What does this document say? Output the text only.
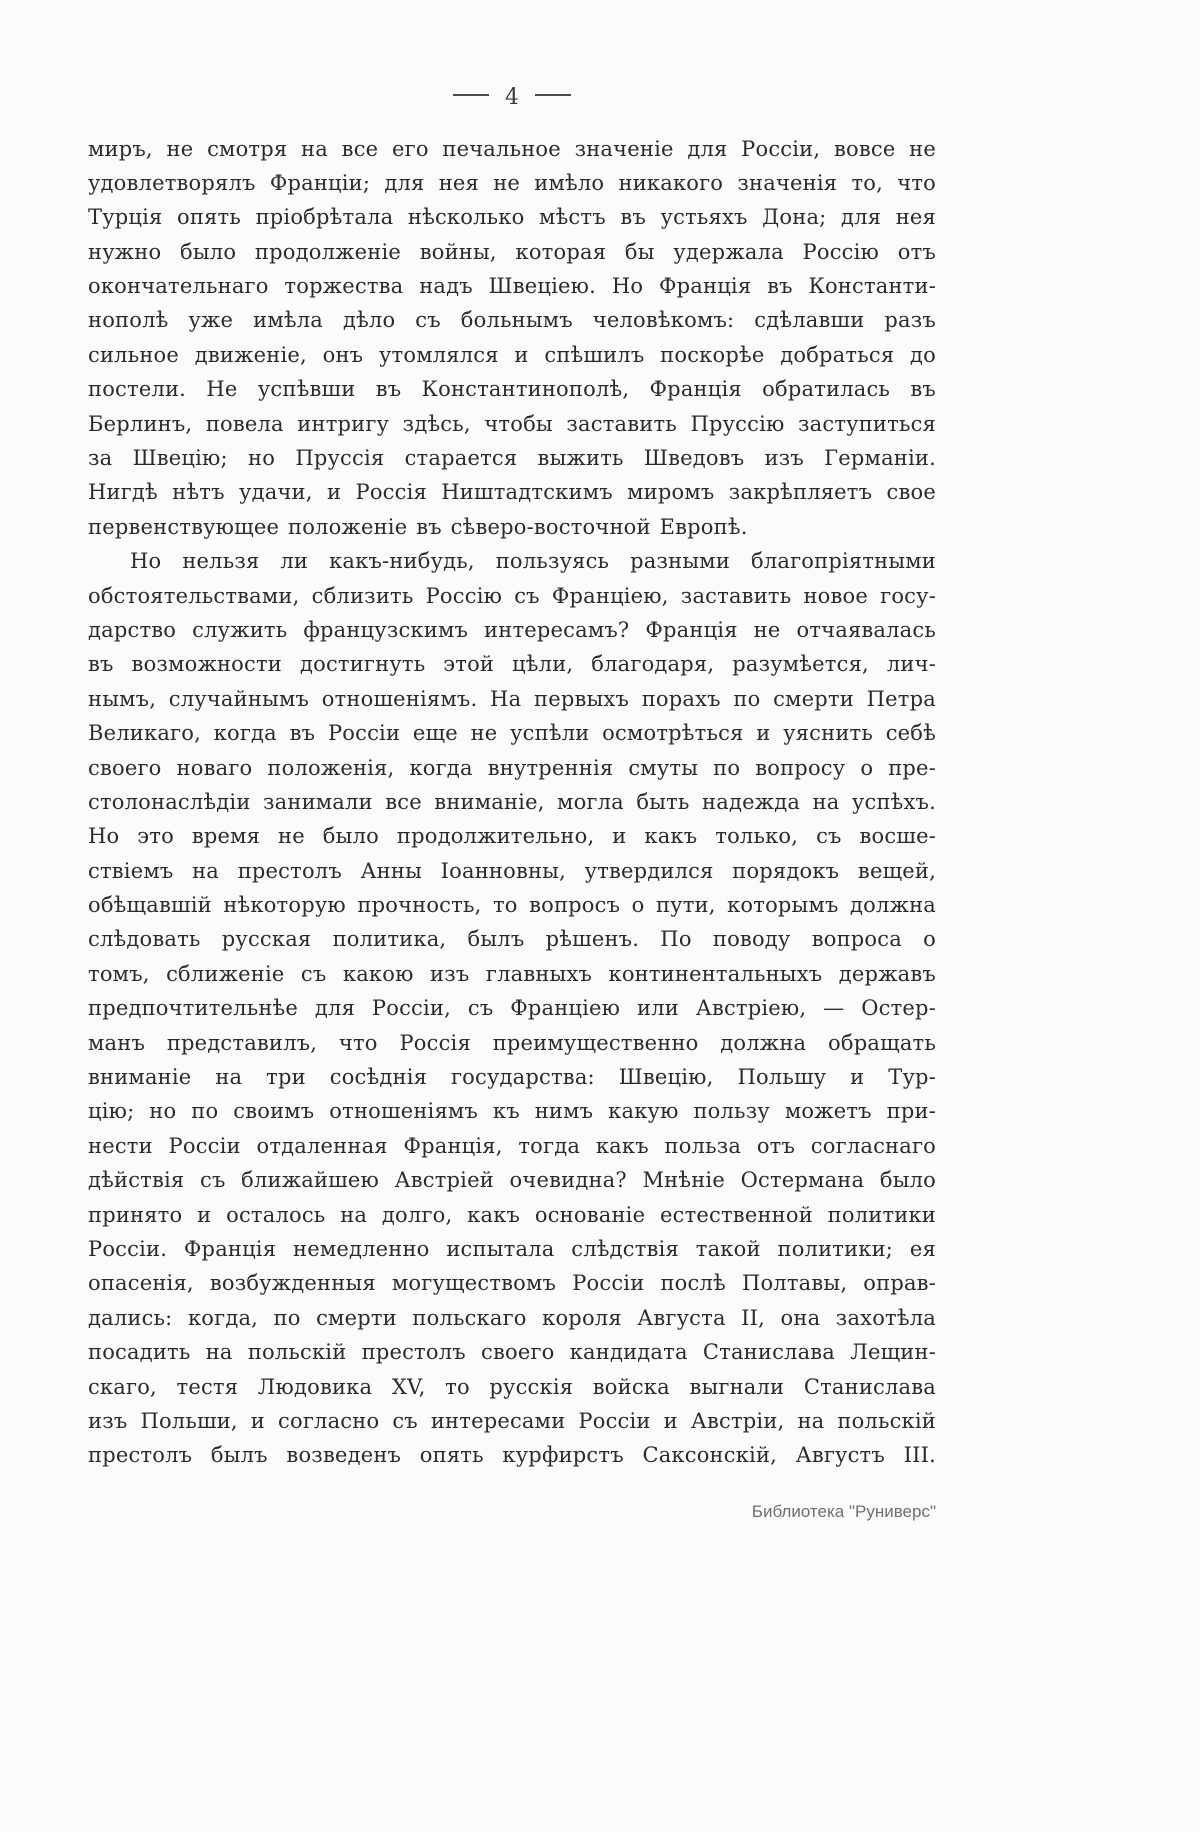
4
миръ, не смотря на все его печальное значеніе для Россіи, вовсе не
удовлетворялъ Франціи; для нея не имѣло никакого значенія то, что
Турція опять пріобрѣтала нѣсколько мѣстъ въ устьяхъ Дона; для нея
нужно было продолженіе войны, которая бы удержала Россію отъ
окончательнаго торжества надъ Швеціею. Но Франція въ Константи-
нополѣ уже имѣла дѣло съ больнымъ человѣкомъ: сдѣлавши разъ
сильное движеніе, онъ утомлялся и спѣшилъ поскорѣе добраться до
постели. Не успѣвши въ Константинополѣ, Франція обратилась въ
Берлинъ, повела интригу здѣсь, чтобы заставить Пруссію заступиться
за Швецію; но Пруссія старается выжить Шведовъ изъ Германіи.
Нигдѣ нѣтъ удачи, и Россія Ништадтскимъ миромъ закрѣпляетъ свое
первенствующее положеніе въ сѣверо-восточной Европѣ.
Но нельзя ли какъ-нибудь, пользуясь разными благопріятными
обстоятельствами, сблизить Россію съ Франціею, заставить новое госу-
дарство служить французскимъ интересамъ? Франція не отчаявалась
въ возможности достигнуть этой цѣли, благодаря, разумѣется, лич-
нымъ, случайнымъ отношеніямъ. На первыхъ порахъ по смерти Петра
Великаго, когда въ Россіи еще не успѣли осмотрѣться и уяснить себѣ
своего новаго положенія, когда внутреннія смуты по вопросу о пре-
столонаслѣдіи занимали все вниманіе, могла быть надежда на успѣхъ.
Но это время не было продолжительно, и какъ только, съ восше-
ствіемъ на престолъ Анны Іоанновны, утвердился порядокъ вещей,
обѣщавшій нѣкоторую прочность, то вопросъ о пути, которымъ должна
слѣдовать русская политика, былъ рѣшенъ. По поводу вопроса о
томъ, сближеніе съ какою изъ главныхъ континентальныхъ державъ
предпочтительнѣе для Россіи, съ Франціею или Австріею, — Остер-
манъ представилъ, что Россія преимущественно должна обращать
вниманіе на три сосѣднія государства: Швецію, Польшу и Тур-
цію; но по своимъ отношеніямъ къ нимъ какую пользу можетъ при-
нести Россіи отдаленная Франція, тогда какъ польза отъ согласнаго
дѣйствія съ ближайшею Австріей очевидна? Мнѣніе Остермана было
принято и осталось на долго, какъ основаніе естественной политики
Россіи. Франція немедленно испытала слѣдствія такой политики; ея
опасенія, возбужденныя могуществомъ Россіи послѣ Полтавы, оправ-
дались: когда, по смерти польскаго короля Августа II, она захотѣла
посадить на польскій престолъ своего кандидата Станислава Лещин-
скаго, тестя Людовика XV, то русскія войска выгнали Станислава
изъ Польши, и согласно съ интересами Россіи и Австріи, на польскій
престолъ былъ возведенъ опять курфирстъ Саксонскій, Августъ III.
Библиотека "Руниверс"
